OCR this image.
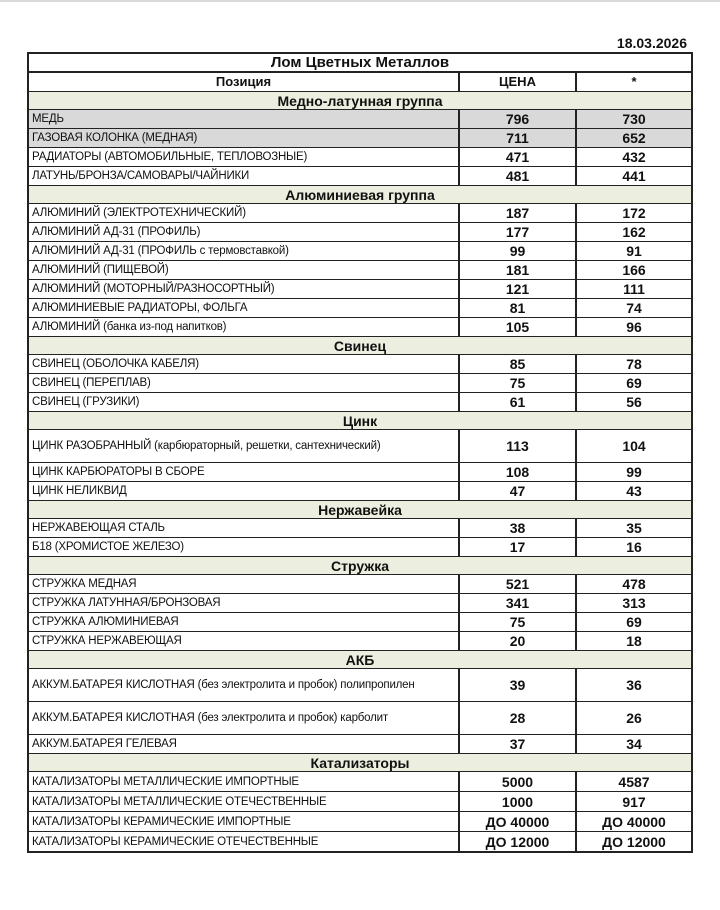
18.03.2026
Лом Цветных Металлов		
Позиция	ЦЕНА	*
Медно-латунная группа		
МЕДЬ	796	730
ГАЗОВАЯ КОЛОНКА (МЕДНАЯ)	711	652
РАДИАТОРЫ (АВТОМОБИЛЬНЫЕ, ТЕПЛОВОЗНЫЕ)	471	432
ЛАТУНЬ/БРОНЗА/САМОВАРЫ/ЧАЙНИКИ	481	441
Алюминиевая группа		
АЛЮМИНИЙ (ЭЛЕКТРОТЕХНИЧЕСКИЙ)	187	172
АЛЮМИНИЙ АД-31 (ПРОФИЛЬ)	177	162
АЛЮМИНИЙ АД-31 (ПРОФИЛЬ с термовставкой)	99	91
АЛЮМИНИЙ (ПИЩЕВОЙ)	181	166
АЛЮМИНИЙ (МОТОРНЫЙ/РАЗНОСОРТНЫЙ)	121	111
АЛЮМИНИЕВЫЕ РАДИАТОРЫ, ФОЛЬГА	81	74
АЛЮМИНИЙ (банка из-под напитков)	105	96
Свинец		
СВИНЕЦ (ОБОЛОЧКА КАБЕЛЯ)	85	78
СВИНЕЦ (ПЕРЕПЛАВ)	75	69
СВИНЕЦ (ГРУЗИКИ)	61	56
Цинк		
ЦИНК РАЗОБРАННЫЙ (карбюраторный, решетки, сантехнический)	113	104
ЦИНК КАРБЮРАТОРЫ В СБОРЕ	108	99
ЦИНК НЕЛИКВИД	47	43
Нержавейка		
НЕРЖАВЕЮЩАЯ СТАЛЬ	38	35
Б18 (ХРОМИСТОЕ ЖЕЛЕЗО)	17	16
Стружка		
СТРУЖКА МЕДНАЯ	521	478
СТРУЖКА ЛАТУННАЯ/БРОНЗОВАЯ	341	313
СТРУЖКА АЛЮМИНИЕВАЯ	75	69
СТРУЖКА НЕРЖАВЕЮЩАЯ	20	18
АКБ		
АККУМ.БАТАРЕЯ КИСЛОТНАЯ (без электролита и пробок) полипропилен	39	36
АККУМ.БАТАРЕЯ КИСЛОТНАЯ (без электролита и пробок) карболит	28	26
АККУМ.БАТАРЕЯ ГЕЛЕВАЯ	37	34
Катализаторы		
КАТАЛИЗАТОРЫ МЕТАЛЛИЧЕСКИЕ ИМПОРТНЫЕ	5000	4587
КАТАЛИЗАТОРЫ МЕТАЛЛИЧЕСКИЕ ОТЕЧЕСТВЕННЫЕ	1000	917
КАТАЛИЗАТОРЫ КЕРАМИЧЕСКИЕ ИМПОРТНЫЕ	ДО 40000	ДО 40000
КАТАЛИЗАТОРЫ КЕРАМИЧЕСКИЕ ОТЕЧЕСТВЕННЫЕ	ДО 12000	ДО 12000
